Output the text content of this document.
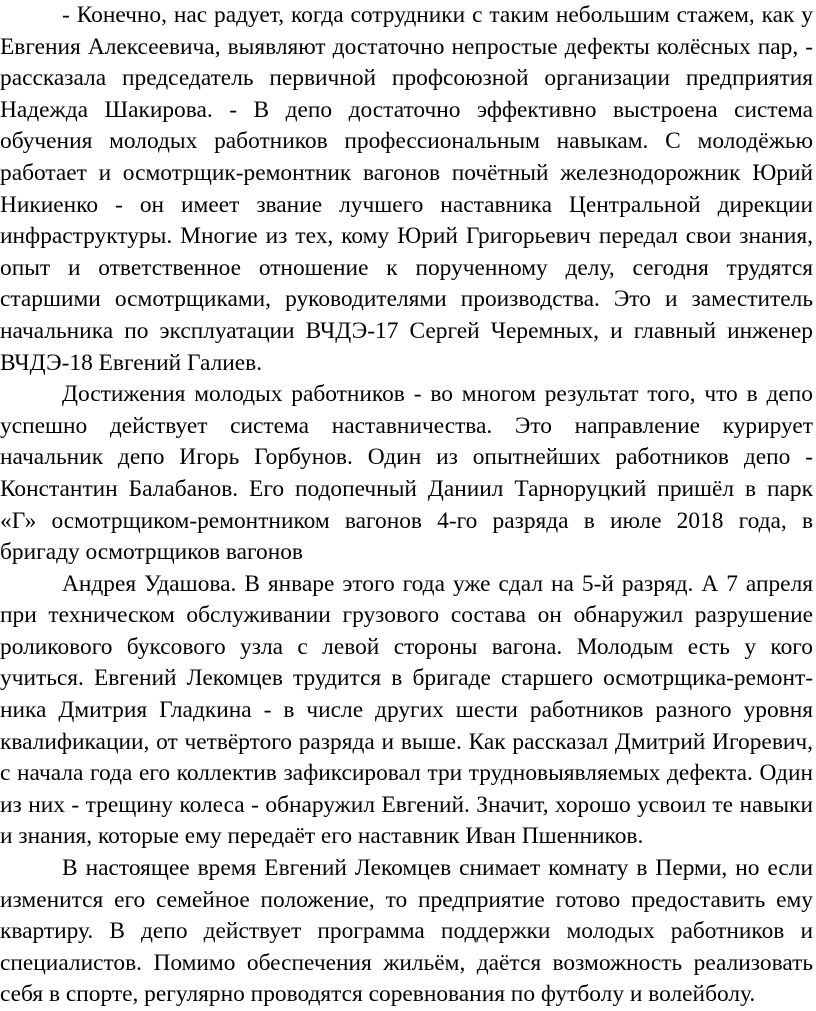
- Конечно, нас радует, когда сотрудники с таким небольшим стажем, как у Евгения Алексеевича, выявляют достаточно непростые дефекты колёсных пар, - рассказала председатель первичной профсоюзной организации предприятия Надежда Шакирова. - В депо достаточно эффективно выстроена система обучения молодых работников профессиональным навыкам. С молодёжью работает и осмотрщик-ремонтник вагонов почётный железнодорожник Юрий Никиенко - он имеет звание лучшего наставника Центральной дирекции инфраструктуры. Многие из тех, кому Юрий Григорьевич передал свои знания, опыт и ответственное отношение к порученному делу, сегодня трудятся старшими осмотрщиками, руководителями производства. Это и заместитель начальника по эксплуатации ВЧДЭ-17 Сергей Черемных, и главный инженер ВЧДЭ-18 Евгений Галиев.

Достижения молодых работников - во многом результат того, что в депо успешно действует система наставничества. Это направление курирует начальник депо Игорь Горбунов. Один из опытнейших работников депо - Константин Балабанов. Его подопечный Даниил Тарноруцкий пришёл в парк «Г» осмотрщиком-ремонтником вагонов 4-го разряда в июле 2018 года, в бригаду осмотрщиков вагонов

Андрея Удашова. В январе этого года уже сдал на 5-й разряд. А 7 апреля при техническом обслуживании грузового состава он обнаружил разрушение роликового буксового узла с левой стороны вагона. Молодым есть у кого учиться. Евгений Лекомцев трудится в бригаде старшего осмотрщика-ремонтника Дмитрия Гладкина - в числе других шести работников разного уровня квалификации, от четвёртого разряда и выше. Как рассказал Дмитрий Игоревич, с начала года его коллектив зафиксировал три трудновыявляемых дефекта. Один из них - трещину колеса - обнаружил Евгений. Значит, хорошо усвоил те навыки и знания, которые ему передаёт его наставник Иван Пшенников.

В настоящее время Евгений Лекомцев снимает комнату в Перми, но если изменится его семейное положение, то предприятие готово предоставить ему квартиру. В депо действует программа поддержки молодых работников и специалистов. Помимо обеспечения жильём, даётся возможность реализовать себя в спорте, регулярно проводятся соревнования по футболу и волейболу.
